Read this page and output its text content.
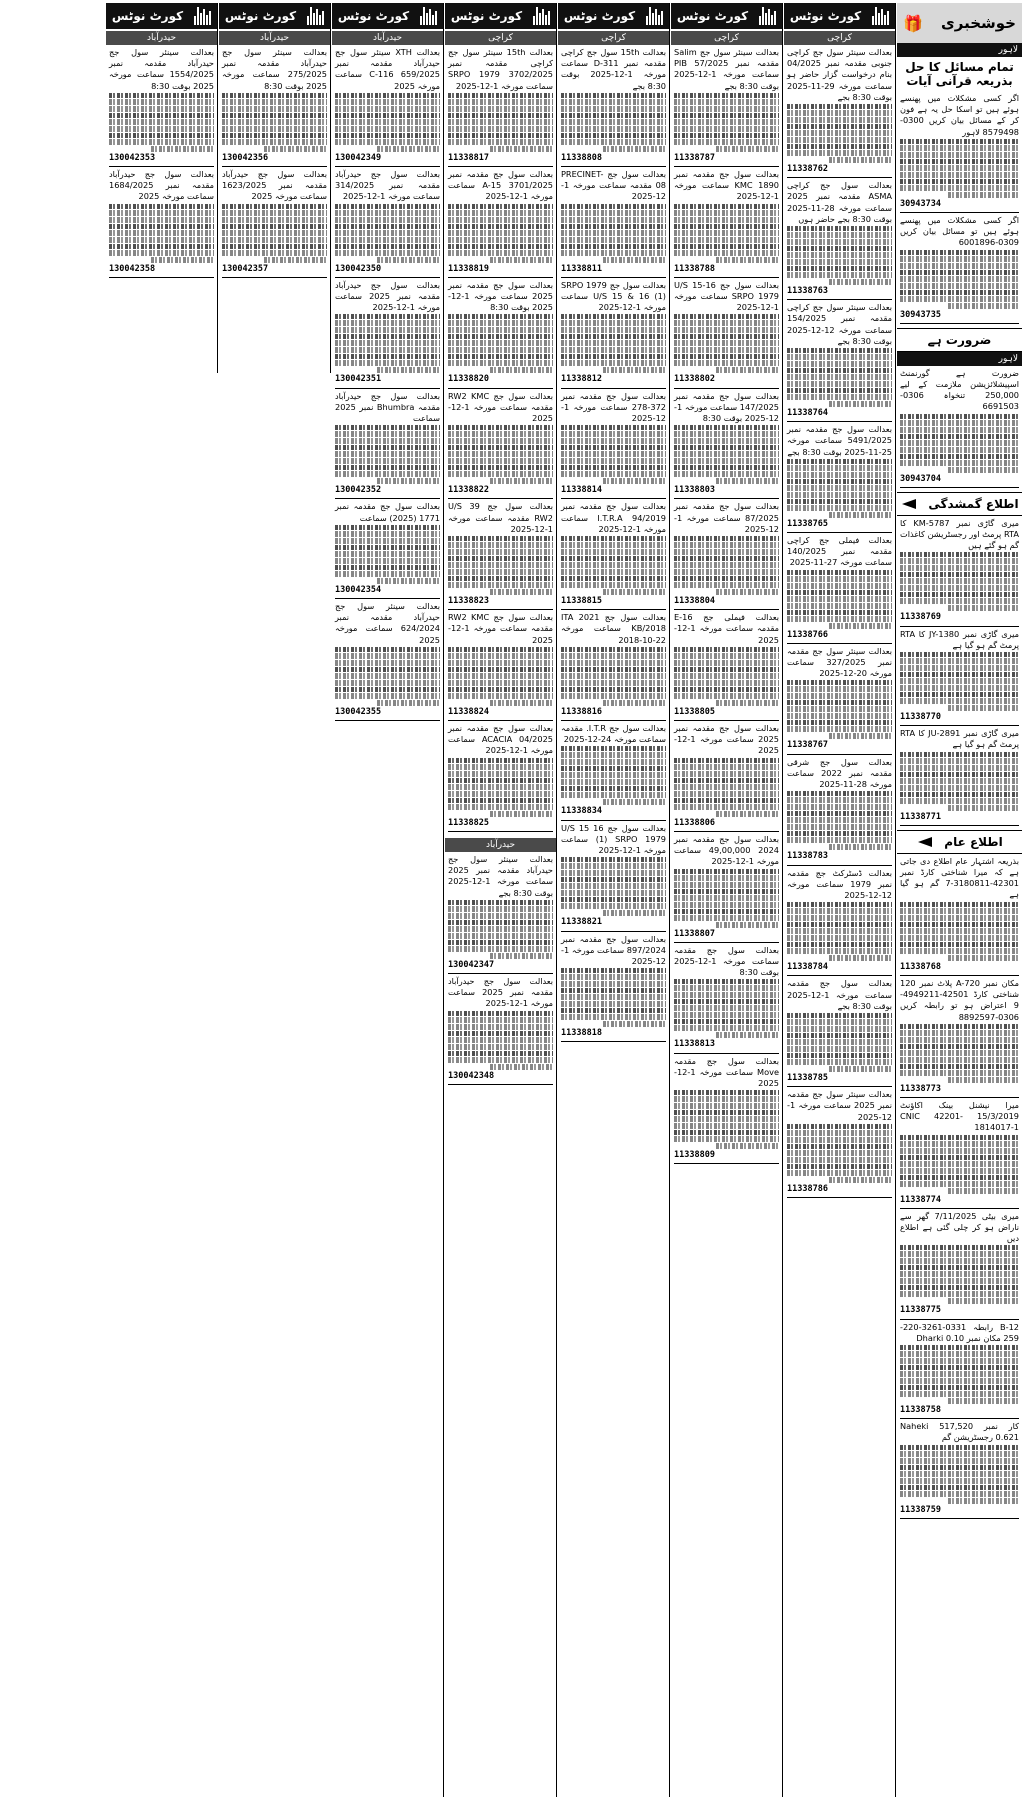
خوشخبری
🎁
لاہور
تمام مسائل کا حل بذریعہ قرآنی آیات
اگر کسی مشکلات میں پھنسے ہوئے ہیں تو اسکا حل یہ ہے فون کر کے مسائل بیان کریں 0300-8579498 لاہور
30943734
اگر کسی مشکلات میں پھنسے ہوئے ہیں تو مسائل بیان کریں 0309-6001896
30943735
ضرورت ہے
لاہور
ضرورت ہے گورنمنٹ اسپیشلائزیشن ملازمت کے لیے 250,000 تنخواہ 0306-6691503
30943704
اطلاع گمشدگی
میری گاڑی نمبر KM-5787 کا RTA پرمٹ اور رجسٹریشن کاغذات گم ہو گئے ہیں
11338769
میری گاڑی نمبر JY-1380 کا RTA پرمٹ گم ہو گیا ہے
11338770
میری گاڑی نمبر JU-2891 کا RTA پرمٹ گم ہو گیا ہے
11338771
اطلاع عام
بذریعہ اشتہار عام اطلاع دی جاتی ہے کہ میرا شناختی کارڈ نمبر 42301-3180811-7 گم ہو گیا ہے
11338768
مکان نمبر A-720 پلاٹ نمبر 120 شناختی کارڈ 42501-4949211-9 اعتراض ہو تو رابطہ کریں 0306-8892597
11338773
میرا نیشنل بینک اکاؤنٹ 15/3/2019 CNIC 42201-1814017-1
11338774
میری بیٹی 7/11/2025 گھر سے ناراض ہو کر چلی گئی ہے اطلاع دیں
11338775
B-12 رابطہ 0331-3261-220-259 مکان نمبر 0.10 Dharki
11338758
کار نمبر 517,520 Naheki 0.621 رجسٹریشن گم
11338759
کورٹ نوٹس
کراچی
بعدالت سینئر سول جج کراچی جنوبی مقدمہ نمبر 04/2025 بنام درخواست گزار حاضر ہو سماعت مورخہ 29-11-2025 بوقت 8:30 بجے
11338762
بعدالت سول جج کراچی ASMA مقدمہ نمبر 2025 سماعت مورخہ 28-11-2025 بوقت 8:30 بجے حاضر ہوں
11338763
بعدالت سینئر سول جج کراچی مقدمہ نمبر 154/2025 سماعت مورخہ 12-12-2025 بوقت 8:30 بجے
11338764
بعدالت سول جج مقدمہ نمبر 5491/2025 سماعت مورخہ 25-11-2025 بوقت 8:30 بجے
11338765
بعدالت فیملی جج کراچی مقدمہ نمبر 140/2025 سماعت مورخہ 27-11-2025
11338766
بعدالت سینئر سول جج مقدمہ نمبر 327/2025 سماعت مورخہ 20-12-2025
11338767
بعدالت سول جج شرقی مقدمہ نمبر 2022 سماعت مورخہ 28-11-2025
11338783
بعدالت ڈسٹرکٹ جج مقدمہ نمبر 1979 سماعت مورخہ 12-12-2025
11338784
بعدالت سول جج مقدمہ سماعت مورخہ 1-12-2025 بوقت 8:30 بجے
11338785
بعدالت سینئر سول جج مقدمہ نمبر 2025 سماعت مورخہ 1-12-2025
11338786
کورٹ نوٹس
کراچی
بعدالت سینئر سول جج Salim مقدمہ نمبر 57/2025 PIB سماعت مورخہ 1-12-2025 بوقت 8:30 بجے
11338787
بعدالت سول جج مقدمہ نمبر 1890 KMC سماعت مورخہ 1-12-2025
11338788
بعدالت سول جج U/S 15-16 SRPO 1979 سماعت مورخہ 1-12-2025
11338802
بعدالت سول جج مقدمہ نمبر 147/2025 سماعت مورخہ 1-12-2025 بوقت 8:30
11338803
بعدالت سول جج مقدمہ نمبر 87/2025 سماعت مورخہ 1-12-2025
11338804
بعدالت فیملی جج E-16 مقدمہ سماعت مورخہ 1-12-2025
11338805
بعدالت سول جج مقدمہ نمبر 2025 سماعت مورخہ 1-12-2025
11338806
بعدالت سول جج مقدمہ نمبر 2024 49,00,000 سماعت مورخہ 1-12-2025
11338807
بعدالت سول جج مقدمہ سماعت مورخہ 1-12-2025 بوقت 8:30
11338813
بعدالت سول جج مقدمہ Move سماعت مورخہ 1-12-2025
11338809
کورٹ نوٹس
کراچی
بعدالت 15th سول جج کراچی مقدمہ نمبر D-311 سماعت مورخہ 1-12-2025 بوقت 8:30 بجے
11338808
بعدالت سول جج PRECINET-08 مقدمہ سماعت مورخہ 1-12-2025
11338811
بعدالت سول جج SRPO 1979 U/S 15 & 16 (1) سماعت مورخہ 1-12-2025
11338812
بعدالت سول جج مقدمہ نمبر 372-278 سماعت مورخہ 1-12-2025
11338814
بعدالت سول جج مقدمہ نمبر 94/2019 I.T.R.A سماعت مورخہ 1-12-2025
11338815
بعدالت سول جج ITA 2021 KB/2018 سماعت مورخہ 22-10-2018
11338816
بعدالت سول جج I.T.R. مقدمہ سماعت مورخہ 24-12-2025
11338834
بعدالت سول جج U/S 15 16 (1) SRPO 1979 سماعت مورخہ 1-12-2025
11338821
بعدالت سول جج مقدمہ نمبر 897/2024 سماعت مورخہ 1-12-2025
11338818
کورٹ نوٹس
کراچی
بعدالت 15th سینئر سول جج کراچی مقدمہ نمبر 3702/2025 SRPO 1979 سماعت مورخہ 1-12-2025
11338817
بعدالت سول جج مقدمہ نمبر 3701/2025 A-15 سماعت مورخہ 1-12-2025
11338819
بعدالت سول جج مقدمہ نمبر 2025 سماعت مورخہ 1-12-2025 بوقت 8:30
11338820
بعدالت سول جج RW2 KMC مقدمہ سماعت مورخہ 1-12-2025
11338822
بعدالت سول جج U/S 39 RW2 مقدمہ سماعت مورخہ 1-12-2025
11338823
بعدالت سول جج RW2 KMC مقدمہ سماعت مورخہ 1-12-2025
11338824
بعدالت سول جج مقدمہ نمبر 04/2025 ACACIA سماعت مورخہ 1-12-2025
11338825
حیدرآباد
بعدالت سینئر سول جج حیدرآباد مقدمہ نمبر 2025 سماعت مورخہ 1-12-2025 بوقت 8:30 بجے
130042347
بعدالت سول جج حیدرآباد مقدمہ نمبر 2025 سماعت مورخہ 1-12-2025
130042348
کورٹ نوٹس
حیدرآباد
بعدالت XTH سینئر سول جج حیدرآباد مقدمہ نمبر 659/2025 C-116 سماعت مورخہ 2025
130042349
بعدالت سول جج حیدرآباد مقدمہ نمبر 314/2025 سماعت مورخہ 1-12-2025
130042350
بعدالت سول جج حیدرآباد مقدمہ نمبر 2025 سماعت مورخہ 1-12-2025
130042351
بعدالت سول جج حیدرآباد مقدمہ Bhumbra نمبر 2025 سماعت
130042352
بعدالت سول جج مقدمہ نمبر 1771 (2025) سماعت
130042354
بعدالت سینئر سول جج حیدرآباد مقدمہ نمبر 624/2024 سماعت مورخہ 2025
130042355
کورٹ نوٹس
حیدرآباد
بعدالت سینئر سول جج حیدرآباد مقدمہ نمبر 275/2025 سماعت مورخہ 2025 بوقت 8:30
130042356
بعدالت سول جج حیدرآباد مقدمہ نمبر 1623/2025 سماعت مورخہ 2025
130042357
کورٹ نوٹس
حیدرآباد
بعدالت سینئر سول جج حیدرآباد مقدمہ نمبر 1554/2025 سماعت مورخہ 2025 بوقت 8:30
130042353
بعدالت سول جج حیدرآباد مقدمہ نمبر 1684/2025 سماعت مورخہ 2025
130042358
